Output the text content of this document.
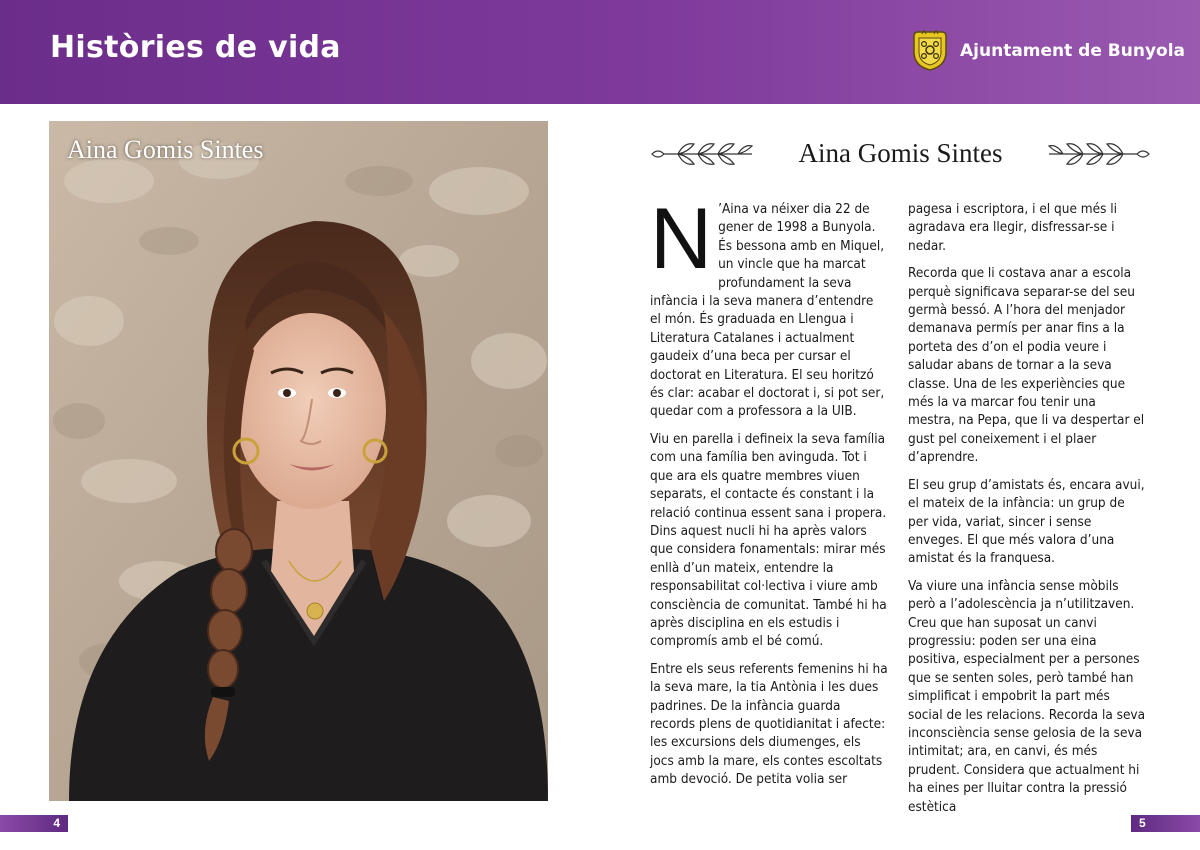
Històries de vida	Ajuntament de Bunyola
Aina Gomis Sintes	Aina Gomis Sintes

N ’Aina va néixer dia 22 de gener de 1998 a Bunyola. És bessona amb en Miquel, un vincle que ha marcat profundament la seva infància i la seva manera d’entendre el món. És graduada en Llengua i Literatura Catalanes i actualment gaudeix d’una beca per cursar el doctorat en Literatura. El seu horitzó és clar: acabar el doctorat i, si pot ser, quedar com a professora a la UIB.

Viu en parella i defineix la seva família com una família ben avinguda. Tot i que ara els quatre membres viuen separats, el contacte és constant i la relació continua essent sana i propera. Dins aquest nucli hi ha après valors que considera fonamentals: mirar més enllà d’un mateix, entendre la responsabilitat col·lectiva i viure amb consciència de comunitat. També hi ha après disciplina en els estudis i compromís amb el bé comú.

Entre els seus referents femenins hi ha la seva mare, la tia Antònia i les dues padrines. De la infància guarda records plens de quotidianitat i afecte: les excursions dels diumenges, els jocs amb la mare, els contes escoltats amb devoció. De petita volia ser

pagesa i escriptora, i el que més li agradava era llegir, disfressar-se i nedar.

Recorda que li costava anar a escola perquè significava separar-se del seu germà bessó. A l’hora del menjador demanava permís per anar fins a la porteta des d’on el podia veure i saludar abans de tornar a la seva classe. Una de les experiències que més la va marcar fou tenir una mestra, na Pepa, que li va despertar el gust pel coneixement i el plaer d’aprendre.

El seu grup d’amistats és, encara avui, el mateix de la infància: un grup de per vida, variat, sincer i sense enveges. El que més valora d’una amistat és la franquesa.

Va viure una infància sense mòbils però a l’adolescència ja n’utilitzaven. Creu que han suposat un canvi progressiu: poden ser una eina positiva, especialment per a persones que se senten soles, però també han simplificat i empobrit la part més social de les relacions. Recorda la seva inconsciència sense gelosia de la seva intimitat; ara, en canvi, és més prudent. Considera que actualment hi ha eines per lluitar contra la pressió estètica

4	5
